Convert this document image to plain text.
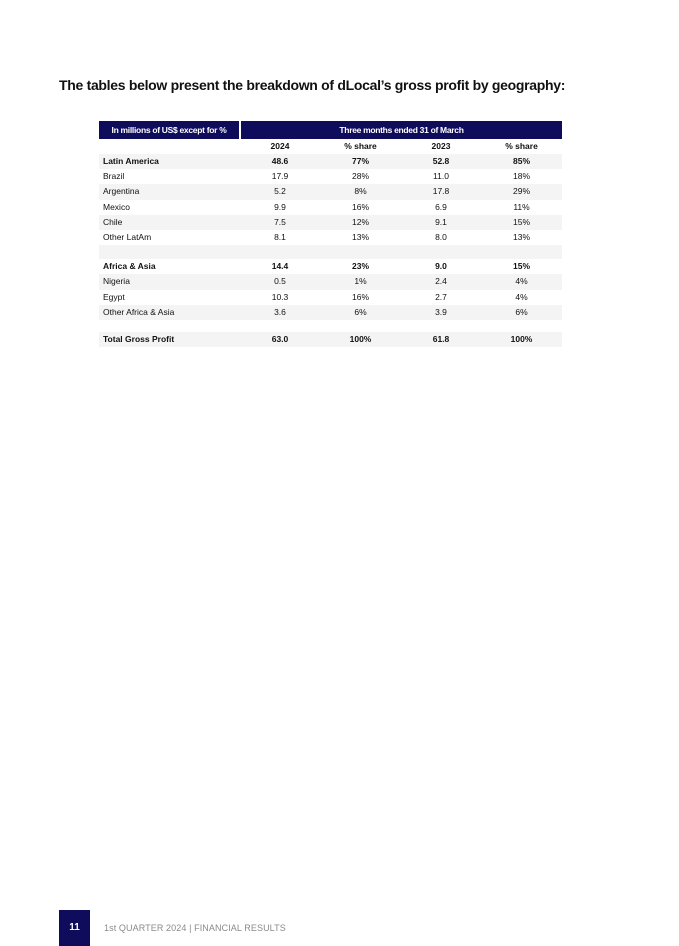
The tables below present the breakdown of dLocal’s gross profit by geography:
In millions of US$ except for %	Three months ended 31 of March			
	2024	% share	2023	% share
Latin America	48.6	77%	52.8	85%
Brazil	17.9	28%	11.0	18%
Argentina	5.2	8%	17.8	29%
Mexico	9.9	16%	6.9	11%
Chile	7.5	12%	9.1	15%
Other LatAm	8.1	13%	8.0	13%

Africa & Asia	14.4	23%	9.0	15%
Nigeria	0.5	1%	2.4	4%
Egypt	10.3	16%	2.7	4%
Other Africa & Asia	3.6	6%	3.9	6%

Total Gross Profit	63.0	100%	61.8	100%
11	1st QUARTER 2024 | FINANCIAL RESULTS
